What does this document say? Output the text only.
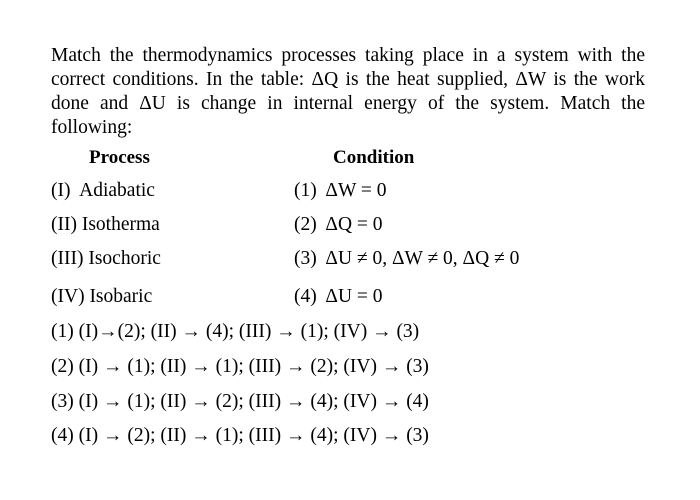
Match the thermodynamics processes taking place in a system with the correct conditions. In the table: ΔQ is the heat supplied, ΔW is the work done and ΔU is change in internal energy of the system. Match the following:

Process	Condition
(I)  Adiabatic	(1)  ΔW = 0
(II) Isotherma	(2)  ΔQ = 0
(III) Isochoric	(3)  ΔU ≠ 0, ΔW ≠ 0, ΔQ ≠ 0
(IV) Isobaric	(4)  ΔU = 0
(1) (I)→(2); (II) → (4); (III) → (1); (IV) → (3)
(2) (I) → (1); (II) → (1); (III) → (2); (IV) → (3)
(3) (I) → (1); (II) → (2); (III) → (4); (IV) → (4)
(4) (I) → (2); (II) → (1); (III) → (4); (IV) → (3)
